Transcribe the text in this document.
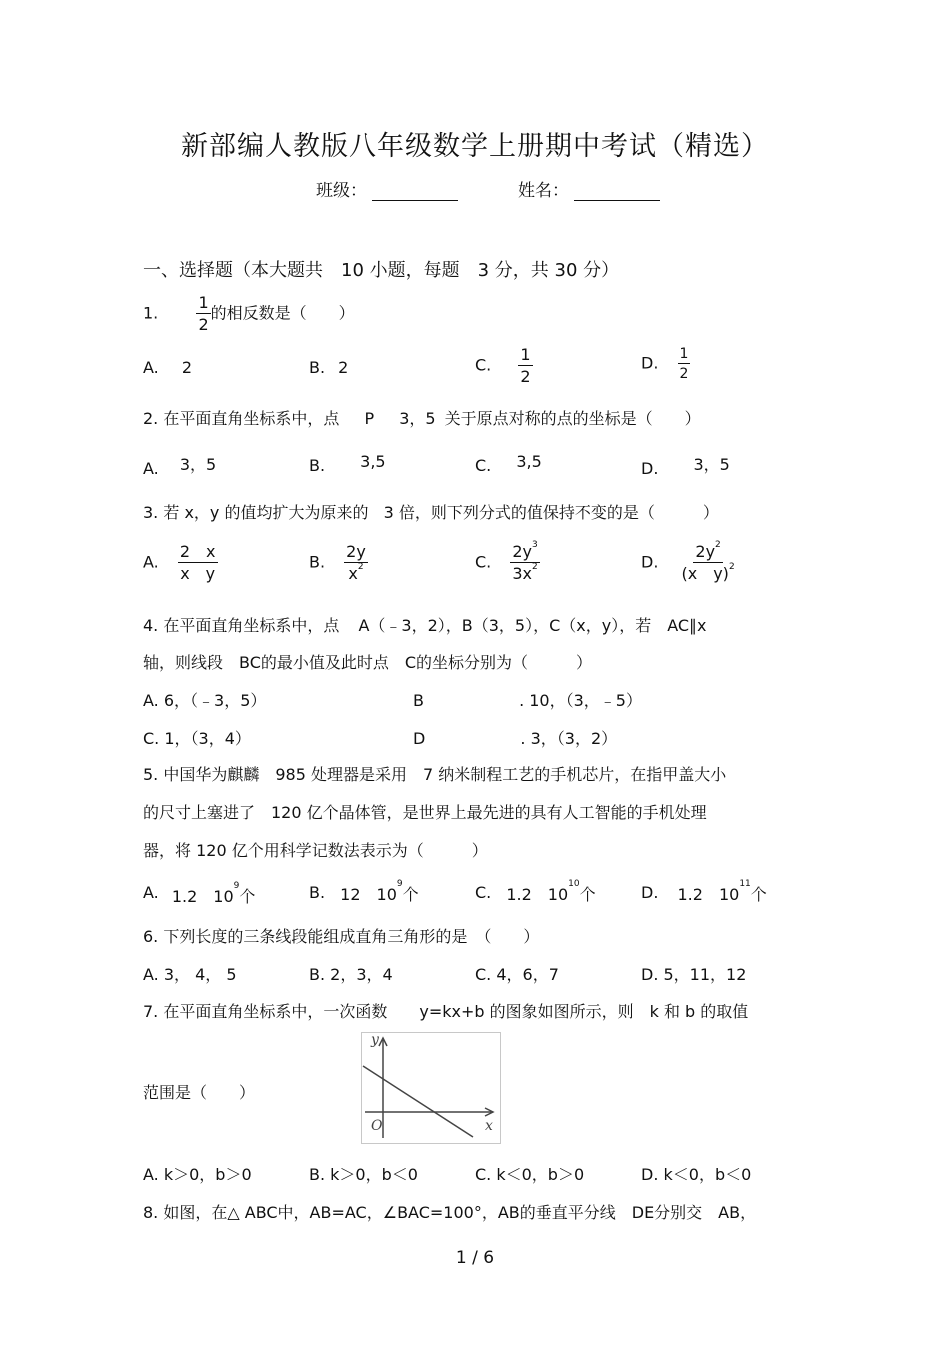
新部编人教版八年级数学上册期中考试（精选）
班级：	姓名：
一、选择题（本大题共　10 小题，每题　3 分，共 30 分）
1. $\frac{1}{2}$ 的相反数是（　　）
A. 2	B. 2	C. $\frac{1}{2}$	D. $\frac{1}{2}$
2. 在平面直角坐标系中，点 P 3，5 关于原点对称的点的坐标是（　　）
A. 3，5	B. 3,5	C. 3,5	D. 3，5
3. 若 x，y 的值均扩大为原来的 3 倍，则下列分式的值保持不变的是（　　　）
A. $\frac{2 x}{\text{x　y}}$	B. $\frac{2y}{x^2}$	C. $\frac{2y^3}{3x^2}$	D. $\frac{2y^2}{(x y)^2}$
4. 在平面直角坐标系中，点 A（﹣3，2），B（3，5），C（x，y），若　AC∥x
轴，则线段　BC的最小值及此时点　C的坐标分别为（　　　）
A. 6，（﹣3，5）	B	. 10，（3，﹣5）
C. 1，（3，4）	D	. 3，（3，2）
5. 中国华为麒麟　985 处理器是采用　7 纳米制程工艺的手机芯片，在指甲盖大小
的尺寸上塞进了　120 亿个晶体管，是世界上最先进的具有人工智能的手机处理
器，将 120 亿个用科学记数法表示为（　　　）
A. 1.2　$10^9$个	B. 12　$10^9$个	C. 1.2　$10^{10}$个	D. 1.2　$10^{11}$个
6. 下列长度的三条线段能组成直角三角形的是　（　　）
A. 3， 4， 5	B. 2，3，4	C. 4，6，7	D. 5，11，12
7. 在平面直角坐标系中，一次函数　　y=kx+b 的图象如图所示，则　k 和 b 的取值
范围是（　　）
y
x
O
A. k＞0，b＞0	B. k＞0，b＜0	C. k＜0，b＞0	D. k＜0，b＜0
8. 如图，在△ ABC中，AB=AC，∠BAC=100°，AB的垂直平分线　DE分别交　AB，
1 / 6
